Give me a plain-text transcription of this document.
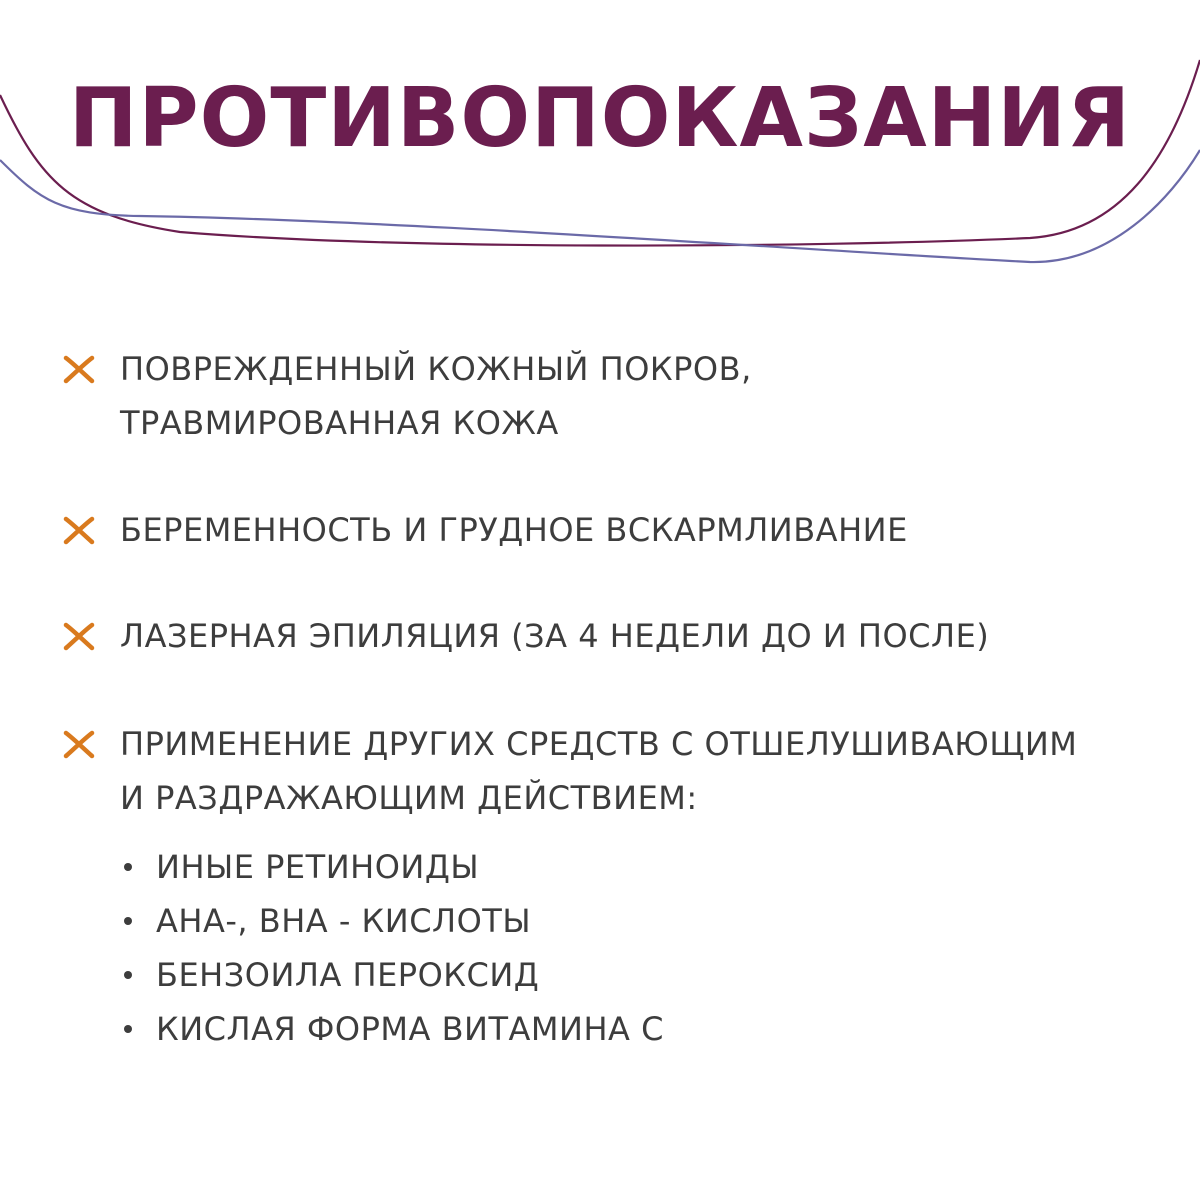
ПРОТИВОПОКАЗАНИЯ
ПОВРЕЖДЕННЫЙ КОЖНЫЙ ПОКРОВ,
ТРАВМИРОВАННАЯ КОЖА
БЕРЕМЕННОСТЬ И ГРУДНОЕ ВСКАРМЛИВАНИЕ
ЛАЗЕРНАЯ ЭПИЛЯЦИЯ (ЗА 4 НЕДЕЛИ ДО И ПОСЛЕ)
ПРИМЕНЕНИЕ ДРУГИХ СРЕДСТВ С ОТШЕЛУШИВАЮЩИМ
И РАЗДРАЖАЮЩИМ ДЕЙСТВИЕМ:
ИНЫЕ РЕТИНОИДЫ
АНА-, ВНА - КИСЛОТЫ
БЕНЗОИЛА ПЕРОКСИД
КИСЛАЯ ФОРМА ВИТАМИНА С
